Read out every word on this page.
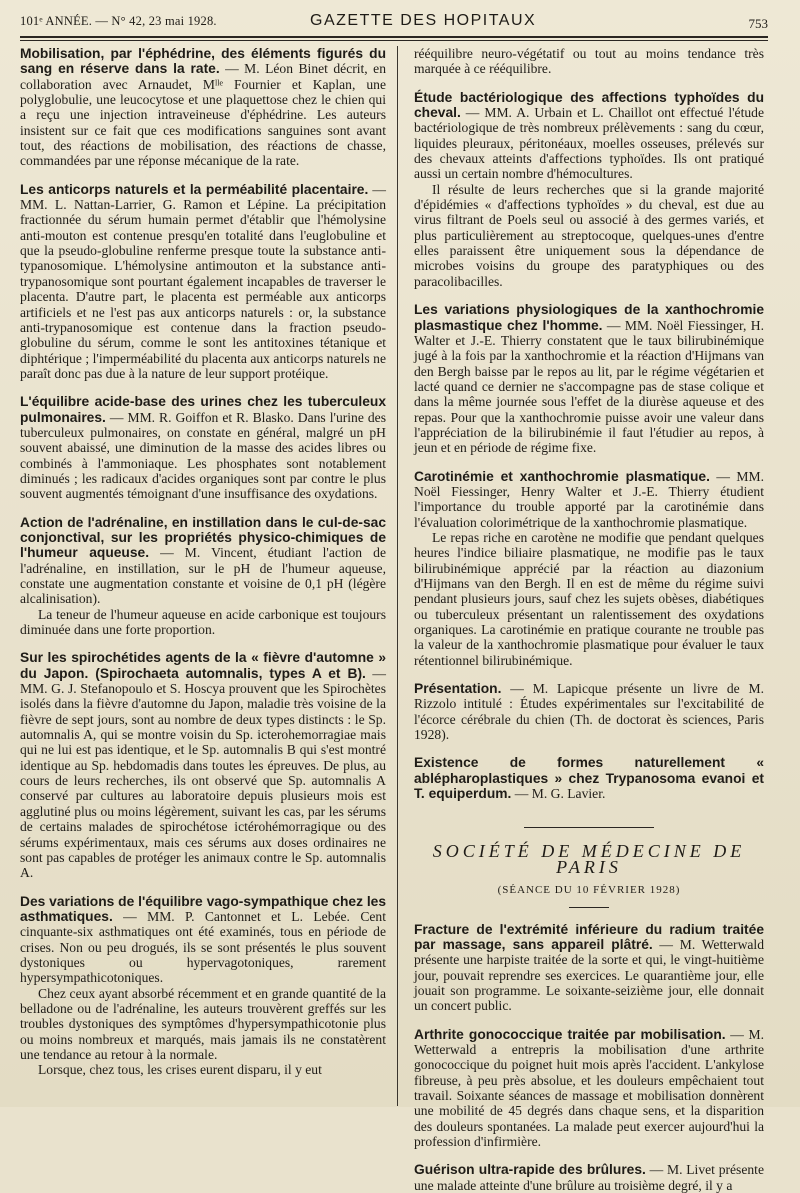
101ᵉ ANNÉE. — N° 42, 23 mai 1928.	GAZETTE DES HOPITAUX	753

Mobilisation, par l'éphédrine, des éléments figurés du sang en réserve dans la rate. — M. Léon Binet décrit, en collaboration avec Arnaudet, Mˡˡᵉ Fournier et Kaplan, une polyglobulie, une leucocytose et une plaquettose chez le chien qui a reçu une injection intraveineuse d'éphédrine. Les auteurs insistent sur ce fait que ces modifications sanguines sont avant tout, des réactions de mobilisation, des réactions de chasse, commandées par une réponse mécanique de la rate.

Les anticorps naturels et la perméabilité placentaire. — MM. L. Nattan-Larrier, G. Ramon et Lépine. La précipitation fractionnée du sérum humain permet d'établir que l'hémolysine anti-mouton est contenue presqu'en totalité dans l'euglobuline et que la pseudo-globuline renferme presque toute la substance anti-typanosomique. L'hémolysine antimouton et la substance anti-trypanosomique sont pourtant également incapables de traverser le placenta. D'autre part, le placenta est perméable aux anticorps artificiels et ne l'est pas aux anticorps naturels : or, la substance anti-trypanosomique est contenue dans la fraction pseudo-globuline du sérum, comme le sont les antitoxines tétanique et diphtérique ; l'imperméabilité du placenta aux anticorps naturels ne paraît donc pas due à la nature de leur support protéique.

L'équilibre acide-base des urines chez les tuberculeux pulmonaires. — MM. R. Goiffon et R. Blasko. Dans l'urine des tuberculeux pulmonaires, on constate en général, malgré un pH souvent abaissé, une diminution de la masse des acides libres ou combinés à l'ammoniaque. Les phosphates sont notablement diminués ; les radicaux d'acides organiques sont par contre le plus souvent augmentés témoignant d'une insuffisance des oxydations.

Action de l'adrénaline, en instillation dans le cul-de-sac conjonctival, sur les propriétés physico-chimiques de l'humeur aqueuse. — M. Vincent, étudiant l'action de l'adrénaline, en instillation, sur le pH de l'humeur aqueuse, constate une augmentation constante et voisine de 0,1 pH (légère alcalinisation).

La teneur de l'humeur aqueuse en acide carbonique est toujours diminuée dans une forte proportion.

Sur les spirochétides agents de la « fièvre d'automne » du Japon. (Spirochaeta automnalis, types A et B). — MM. G. J. Stefanopoulo et S. Hoscya prouvent que les Spirochètes isolés dans la fièvre d'automne du Japon, maladie très voisine de la fièvre de sept jours, sont au nombre de deux types distincts : le Sp. automnalis A, qui se montre voisin du Sp. icterohemorragiae mais qui ne lui est pas identique, et le Sp. automnalis B qui s'est montré identique au Sp. hebdomadis dans toutes les épreuves. De plus, au cours de leurs recherches, ils ont observé que Sp. automnalis A conservé par cultures au laboratoire depuis plusieurs mois est agglutiné plus ou moins légèrement, suivant les cas, par les sérums de certains malades de spirochétose ictérohémorragique ou des sérums expérimentaux, mais ces sérums aux doses ordinaires ne sont pas capables de protéger les animaux contre le Sp. automnalis A.

Des variations de l'équilibre vago-sympathique chez les asthmatiques. — MM. P. Cantonnet et L. Lebée. Cent cinquante-six asthmatiques ont été examinés, tous en période de crises. Non ou peu drogués, ils se sont présentés le plus souvent dystoniques ou hypervagotoniques, rarement hypersympathicotoniques.

Chez ceux ayant absorbé récemment et en grande quantité de la belladone ou de l'adrénaline, les auteurs trouvèrent greffés sur les troubles dystoniques des symptômes d'hypersympathicotonie plus ou moins nombreux et marqués, mais jamais ils ne constatèrent une tendance au retour à la normale.

Lorsque, chez tous, les crises eurent disparu, il y eut

rééquilibre neuro-végétatif ou tout au moins tendance très marquée à ce rééquilibre.

Étude bactériologique des affections typhoïdes du cheval. — MM. A. Urbain et L. Chaillot ont effectué l'étude bactériologique de très nombreux prélèvements : sang du cœur, liquides pleuraux, péritonéaux, moelles osseuses, prélevés sur des chevaux atteints d'affections typhoïdes. Ils ont pratiqué aussi un certain nombre d'hémocultures.

Il résulte de leurs recherches que si la grande majorité d'épidémies « d'affections typhoïdes » du cheval, est due au virus filtrant de Poels seul ou associé à des germes variés, et plus particulièrement au streptocoque, quelques-unes d'entre elles paraissent être uniquement sous la dépendance de microbes voisins du groupe des paratyphiques ou des paracolibacilles.

Les variations physiologiques de la xanthochromie plasmastique chez l'homme. — MM. Noël Fiessinger, H. Walter et J.-E. Thierry constatent que le taux bilirubinémique jugé à la fois par la xanthochromie et la réaction d'Hijmans van den Bergh baisse par le repos au lit, par le régime végétarien et lacté quand ce dernier ne s'accompagne pas de stase colique et dans la même journée sous l'effet de la diurèse aqueuse et des repas. Pour que la xanthochromie puisse avoir une valeur dans l'appréciation de la bilirubinémie il faut l'étudier au repos, à jeun et en période de régime fixe.

Carotinémie et xanthochromie plasmatique. — MM. Noël Fiessinger, Henry Walter et J.-E. Thierry étudient l'importance du trouble apporté par la carotinémie dans l'évaluation colorimétrique de la xanthochromie plasmatique.

Le repas riche en carotène ne modifie que pendant quelques heures l'indice biliaire plasmatique, ne modifie pas le taux bilirubinémique apprécié par la réaction au diazonium d'Hijmans van den Bergh. Il en est de même du régime suivi pendant plusieurs jours, sauf chez les sujets obèses, diabétiques ou tuberculeux présentant un ralentissement des oxydations organiques. La carotinémie en pratique courante ne trouble pas la valeur de la xanthochromie plasmatique pour évaluer le taux rétentionnel bilirubinémique.

Présentation. — M. Lapicque présente un livre de M. Rizzolo intitulé : Études expérimentales sur l'excitabilité de l'écorce cérébrale du chien (Th. de doctorat ès sciences, Paris 1928).

Existence de formes naturellement « ablépharoplastiques » chez Trypanosoma evanoi et T. equiperdum. — M. G. Lavier.

SOCIÉTÉ DE MÉDECINE DE PARIS
(SÉANCE DU 10 FÉVRIER 1928)

Fracture de l'extrémité inférieure du radium traitée par massage, sans appareil plâtré. — M. Wetterwald présente une harpiste traitée de la sorte et qui, le vingt-huitième jour, pouvait reprendre ses exercices. Le quarantième jour, elle jouait son programme. Le soixante-seizième jour, elle donnait un concert public.

Arthrite gonococcique traitée par mobilisation. — M. Wetterwald a entrepris la mobilisation d'une arthrite gonococcique du poignet huit mois après l'accident. L'ankylose fibreuse, à peu près absolue, et les douleurs empêchaient tout travail. Soixante séances de massage et mobilisation donnèrent une mobilité de 45 degrés dans chaque sens, et la disparition des douleurs spontanées. La malade peut exercer aujourd'hui la profession d'infirmière.

Guérison ultra-rapide des brûlures. — M. Livet présente une malade atteinte d'une brûlure au troisième degré, il y a
